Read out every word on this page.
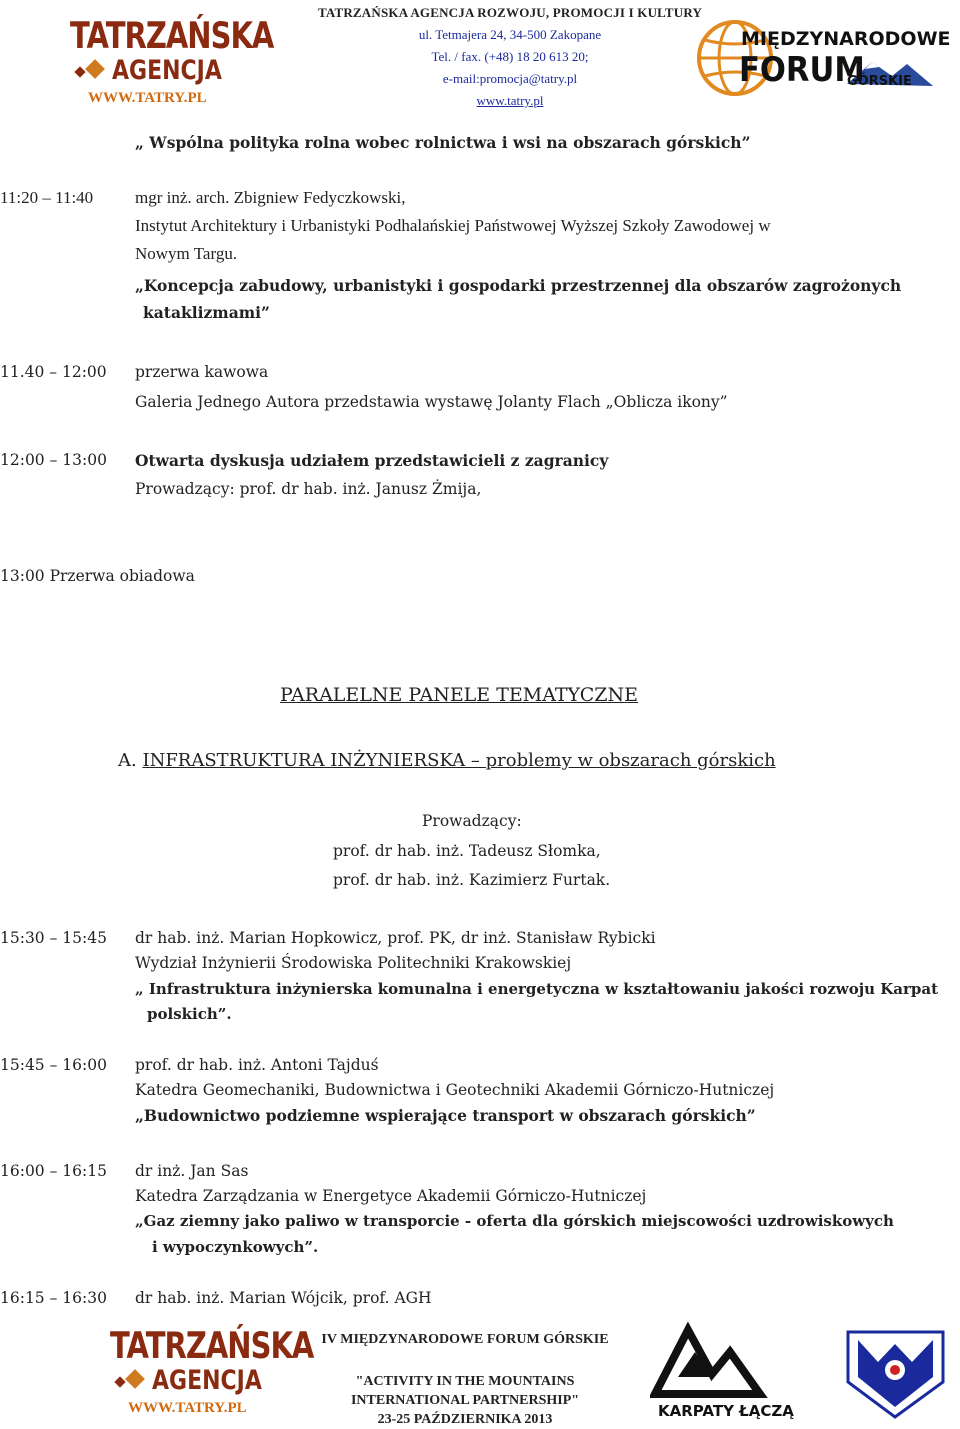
TATRZAŃSKA
AGENCJA
WWW.TATRY.PL
TATRZAŃSKA AGENCJA ROZWOJU, PROMOCJI I KULTURY
ul. Tetmajera 24, 34-500 Zakopane
Tel. / fax. (+48) 18 20 613 20;
e-mail:promocja@tatry.pl
www.tatry.pl
MIĘDZYNARODOWE
FORUM
GÓRSKIE
„ Wspólna polityka rolna wobec rolnictwa i wsi na obszarach górskich”
11:20 – 11:40 mgr inż. arch. Zbigniew Fedyczkowski,
Instytut Architektury i Urbanistyki Podhalańskiej Państwowej Wyższej Szkoły Zawodowej w
Nowym Targu.
„Koncepcja zabudowy, urbanistyki i gospodarki przestrzennej dla obszarów zagrożonych
kataklizmami”
11.40 – 12:00 przerwa kawowa
Galeria Jednego Autora przedstawia wystawę Jolanty Flach „Oblicza ikony”
12:00 – 13:00 Otwarta dyskusja udziałem przedstawicieli z zagranicy
Prowadzący: prof. dr hab. inż. Janusz Żmija,
13:00 Przerwa obiadowa
PARALELNE PANELE TEMATYCZNE
A. INFRASTRUKTURA INŻYNIERSKA – problemy w obszarach górskich
Prowadzący:
prof. dr hab. inż. Tadeusz Słomka,
prof. dr hab. inż. Kazimierz Furtak.
15:30 – 15:45 dr hab. inż. Marian Hopkowicz, prof. PK, dr inż. Stanisław Rybicki
Wydział Inżynierii Środowiska Politechniki Krakowskiej
„ Infrastruktura inżynierska komunalna i energetyczna w kształtowaniu jakości rozwoju Karpat
polskich”.
15:45 – 16:00 prof. dr hab. inż. Antoni Tajduś
Katedra Geomechaniki, Budownictwa i Geotechniki Akademii Górniczo-Hutniczej
„Budownictwo podziemne wspierające transport w obszarach górskich”
16:00 – 16:15 dr inż. Jan Sas
Katedra Zarządzania w Energetyce Akademii Górniczo-Hutniczej
„Gaz ziemny jako paliwo w transporcie - oferta dla górskich miejscowości uzdrowiskowych
i wypoczynkowych”.
16:15 – 16:30 dr hab. inż. Marian Wójcik, prof. AGH
TATRZAŃSKA
AGENCJA
WWW.TATRY.PL
IV MIĘDZYNARODOWE FORUM GÓRSKIE
"ACTIVITY IN THE MOUNTAINS
INTERNATIONAL PARTNERSHIP"
23-25 PAŹDZIERNIKA 2013	KARPATY ŁĄCZĄ
